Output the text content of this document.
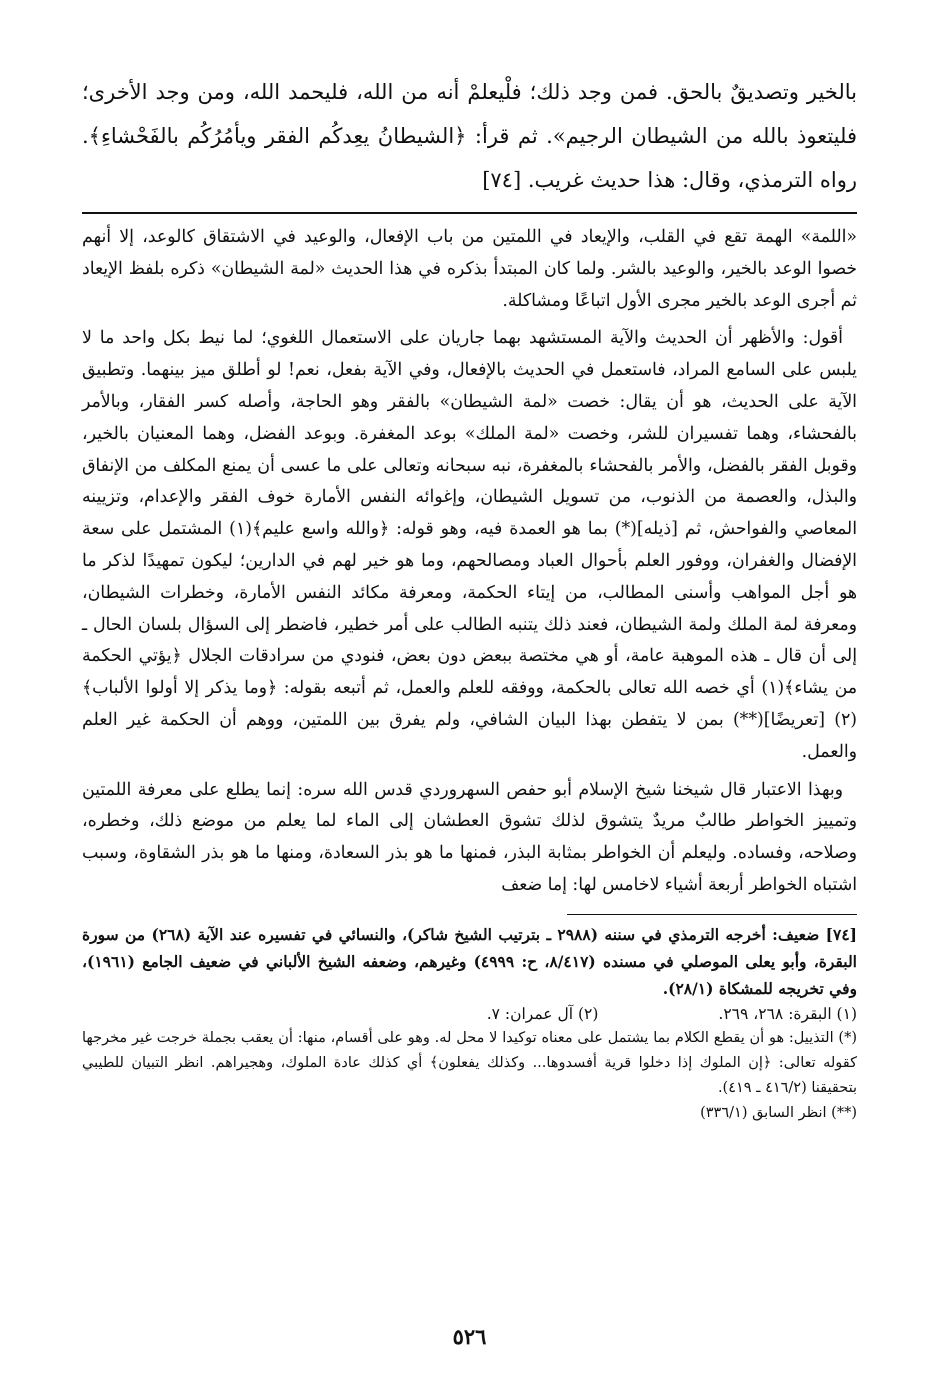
بالخير وتصديقٌ بالحق. فمن وجد ذلك؛ فلْيعلمْ أنه من الله، فليحمد الله، ومن وجد الأخرى؛ فليتعوذ بالله من الشيطان الرجيم». ثم قرأ: ﴿الشيطانُ يعِدكُم الفقر ويأمُرُكُم بالفَحْشاءِ﴾. رواه الترمذي، وقال: هذا حديث غريب. [٧٤]

«اللمة» الهمة تقع في القلب، والإيعاد في اللمتين من باب الإفعال، والوعيد في الاشتقاق كالوعد، إلا أنهم خصوا الوعد بالخير، والوعيد بالشر. ولما كان المبتدأ بذكره في هذا الحديث «لمة الشيطان» ذكره بلفظ الإيعاد ثم أجرى الوعد بالخير مجرى الأول اتباعًا ومشاكلة.

أقول: والأظهر أن الحديث والآية المستشهد بهما جاريان على الاستعمال اللغوي؛ لما نيط بكل واحد ما لا يلبس على السامع المراد، فاستعمل في الحديث بالإفعال، وفي الآية بفعل، نعم! لو أطلق ميز بينهما. وتطبيق الآية على الحديث، هو أن يقال: خصت «لمة الشيطان» بالفقر وهو الحاجة، وأصله كسر الفقار، وبالأمر بالفحشاء، وهما تفسيران للشر، وخصت «لمة الملك» بوعد المغفرة. وبوعد الفضل، وهما المعنيان بالخير، وقوبل الفقر بالفضل، والأمر بالفحشاء بالمغفرة، نبه سبحانه وتعالى على ما عسى أن يمنع المكلف من الإنفاق والبذل، والعصمة من الذنوب، من تسويل الشيطان، وإغوائه النفس الأمارة خوف الفقر والإعدام، وتزيينه المعاصي والفواحش، ثم [ذيله](*) بما هو العمدة فيه، وهو قوله: ﴿والله واسع عليم﴾(١) المشتمل على سعة الإفضال والغفران، ووفور العلم بأحوال العباد ومصالحهم، وما هو خير لهم في الدارين؛ ليكون تمهيدًا لذكر ما هو أجل المواهب وأسنى المطالب، من إيتاء الحكمة، ومعرفة مكائد النفس الأمارة، وخطرات الشيطان، ومعرفة لمة الملك ولمة الشيطان، فعند ذلك يتنبه الطالب على أمر خطير، فاضطر إلى السؤال بلسان الحال ـ إلى أن قال ـ هذه الموهبة عامة، أو هي مختصة ببعض دون بعض، فنودي من سرادقات الجلال ﴿يؤتي الحكمة من يشاء﴾(١) أي خصه الله تعالى بالحكمة، ووفقه للعلم والعمل، ثم أتبعه بقوله: ﴿وما يذكر إلا أولوا الألباب﴾(٢) [تعريضًا](**) بمن لا يتفطن بهذا البيان الشافي، ولم يفرق بين اللمتين، ووهم أن الحكمة غير العلم والعمل.

وبهذا الاعتبار قال شيخنا شيخ الإسلام أبو حفص السهروردي قدس الله سره: إنما يطلع على معرفة اللمتين وتمييز الخواطر طالبٌ مريدٌ يتشوق لذلك تشوق العطشان إلى الماء لما يعلم من موضع ذلك، وخطره، وصلاحه، وفساده. وليعلم أن الخواطر بمثابة البذر، فمنها ما هو بذر السعادة، ومنها ما هو بذر الشقاوة، وسبب اشتباه الخواطر أربعة أشياء لاخامس لها: إما ضعف

[٧٤] ضعيف: أخرجه الترمذي في سننه (٢٩٨٨ ـ بترتيب الشيخ شاكر)، والنسائي في تفسيره عند الآية (٢٦٨) من سورة البقرة، وأبو يعلى الموصلي في مسنده (٨/٤١٧، ح: ٤٩٩٩) وغيرهم، وضعفه الشيخ الألباني في ضعيف الجامع (١٩٦١)، وفي تخريجه للمشكاة (٢٨/١).

(١) البقرة: ٢٦٨، ٢٦٩.
(٢) آل عمران: ٧.

(*) التذييل: هو أن يقطع الكلام بما يشتمل على معناه توكيدا لا محل له. وهو على أقسام، منها: أن يعقب بجملة خرجت غير مخرجها كقوله تعالى: ﴿إن الملوك إذا دخلوا قرية أفسدوها... وكذلك يفعلون﴾ أي كذلك عادة الملوك، وهجيراهم. انظر التبيان للطيبي بتحقيقنا (٤١٦/٢ ـ ٤١٩).

(**) انظر السابق (٣٣٦/١)

٥٢٦
